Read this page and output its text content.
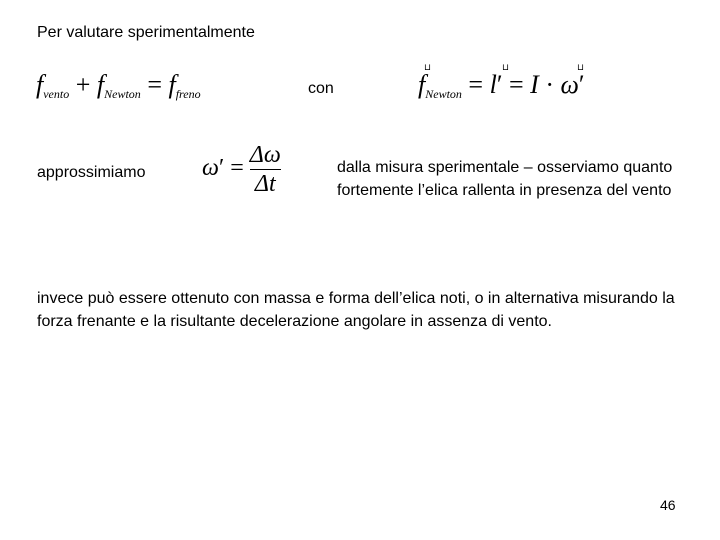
Per valutare sperimentalmente
fvento + fNewton = ffreno	con
⊔	⊔	⊔
fNewton = l′ = I · ω′
approssimiamo $\omega' = \frac{\Delta\omega}{\Delta t}$	dalla misura sperimentale – osserviamo quanto fortemente l’elica rallenta in presenza del vento
invece può essere ottenuto con massa e forma dell’elica noti, o in alternativa misurando la forza frenante e la risultante decelerazione angolare in assenza di vento.
46
